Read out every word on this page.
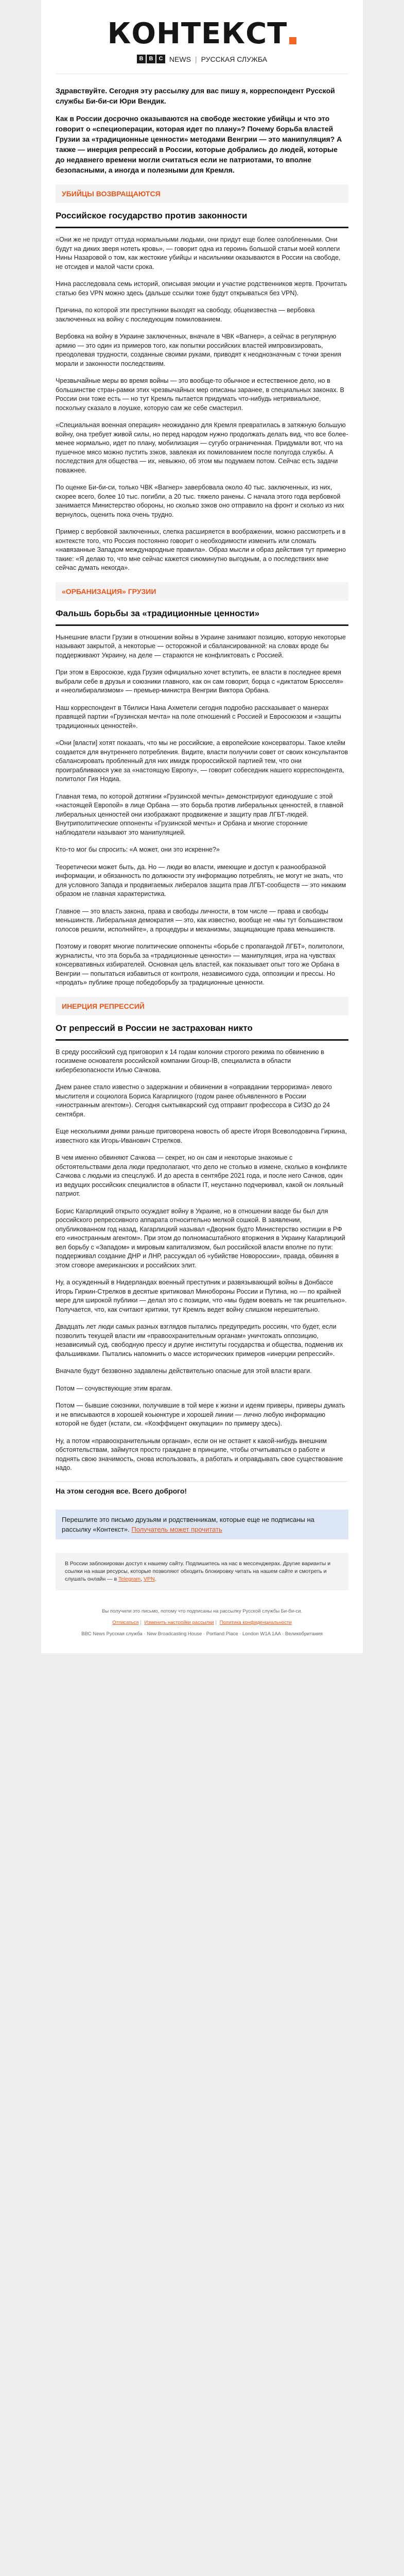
КОНТЕКСТ
B	B	C NEWS | РУССКАЯ СЛУЖБА

Здравствуйте. Сегодня эту рассылку для вас пишу я, корреспондент Русской службы Би-би-си Юри Вендик.

Как в России досрочно оказываются на свободе жестокие убийцы и что это говорит о «специоперации, которая идет по плану»? Почему борьба властей Грузии за «традиционные ценности» методами Венгрии — это манипуляция? А также — инерция репрессий в России, которые добрались до людей, которые до недавнего времени могли считаться если не патриотами, то вполне безопасными, а иногда и полезными для Кремля.

УБИЙЦЫ ВОЗВРАЩАЮТСЯ
Российское государство против законности

«Они же не придут оттуда нормальными людьми, они придут еще более озлобленными. Они будут на диких зверя нотеть кровь», — говорит одна из героинь большой статьи моей коллеги Нины Назаровой о том, как жестокие убийцы и насильники оказываются в России на свободе, не отсидев и малой части срока.

Нина расследовала семь историй, описывая эмоции и участие родственников жертв. Прочитать статью без VPN можно здесь (дальше ссылки тоже будут открываться без VPN).

Причина, по которой эти преступники выходят на свободу, общеизвестна — вербовка заключенных на войну с последующим помилованием.

Вербовка на войну в Украине заключенных, вначале в ЧВК «Вагнер», а сейчас в регулярную армию — это один из примеров того, как попытки российских властей импровизировать, преодолевая трудности, созданные своими руками, приводят к неоднозначным с точки зрения морали и законности последствиям.

Чрезвычайные меры во время войны — это вообще-то обычное и естественное дело, но в большинстве стран-рамки этих чрезвычайных мер описаны заранее, в специальных законах. В России они тоже есть — но тут Кремль пытается придумать что-нибудь нетривиальное, поскольку сказало в лоушке, которую сам же себе смастерил.

«Специальная военная операция» неожиданно для Кремля превратилась в затяжную большую войну, она требует живой силы, но перед народом нужно продолжать делать вид, что все более-менее нормально, идет по плану, мобилизация — сугубо ограниченная. Придумали вот, что на пушечное мясо можно пустить зэков, завлекая их помилованием после полугода службы. А последствия для общества — их, невыжно, об этом мы подумаем потом. Сейчас есть задачи поважнее.

По оценке Би-би-си, только ЧВК «Вагнер» завербовала около 40 тыс. заключенных, из них, скорее всего, более 10 тыс. погибли, а 20 тыс. тяжело ранены. С начала этого года вербовкой занимается Министерство обороны, но сколько зэков оно отправило на фронт и сколько из них вернулось, оценить пока очень трудно.

Пример с вербовкой заключенных, слепка расширяется в воображении, можно рассмотреть и в контексте того, что Россия постоянно говорит о необходимости изменить или сломать «навязанные Западом международные правила». Образ мысли и образ действия тут примерно такие: «Я делаю то, что мне сейчас кажется сиюминутно выгодным, а о последствиях мне сейчас думать некогда».

«ОРБАНИЗАЦИЯ» ГРУЗИИ
Фальшь борьбы за «традиционные ценности»

Нынешние власти Грузии в отношении войны в Украине занимают позицию, которую некоторые называют закрытой, а некоторые — осторожной и сбалансированной: на словах вроде бы поддерживают Украину, на деле — стараются не конфликтовать с Россией.

При этом в Евросоюзе, куда Грузия официально хочет вступить, ее власти в последнее время выбрали себе в друзья и союзники главного, как он сам говорит, борца с «диктатом Брюсселя» и «неолибирализмом» — премьер-министра Венгрии Виктора Орбана.

Наш корреспондент в Тбилиси Нана Ахметели сегодня подробно рассказывает о манерах правящей партии «Грузинская мечта» на поле отношений с Россией и Евросоюзом и «защиты традиционных ценностей».

«Они [власти] хотят показать, что мы не российские, а европейские консерваторы. Такое клейм создается для внутреннего потребления. Видите, власти получили совет от своих консультантов сбалансировать пробленный для них имидж пророссийской партией тем, что они проиграбливаюся уже за «настоящую Европу», — говорит собеседник нашего корреспондента, политолог Гия Нодиа.

Главная тема, по которой дотягини «Грузинской мечты» демонстрируют единодушие с этой «настоящей Европой» в лице Орбана — это борьба против либеральных ценностей, в главной либеральных ценностей они изображают продвижение и защиту прав ЛГБТ-людей. Внутриполитические оппоненты «Грузинской мечты» и Орбана и многие сторонние наблюдатели называют это манипуляцией.

Кто-то мог бы спросить: «А может, они это искренне?»

Теоретически может быть, да. Но — люди во власти, имеющие и доступ к разнообразной информации, и обязанность по должности эту информацию потреблять, не могут не знать, что для условного Запада и продвигаемых либералов защита прав ЛГБТ-сообществ — это никаким образом не главная характеристика.

Главное — это власть закона, права и свободы личности, в том числе — права и свободы меньшинств. Либеральная демократия — это, как известно, вообще не «мы тут большинством голосов решили, исполняйте», а процедуры и механизмы, защищающие права меньшинств.

Поэтому и говорят многие политические оппоненты «борьбе с пропагандой ЛГБТ», политологи, журналисты, что эта борьба за «традиционные ценности» — манипуляция, игра на чувствах консервативных избирателей. Основная цель властей, как показывает опыт того же Орбана в Венгрии — попытаться избавиться от контроля, независимого суда, оппозиции и прессы. Но «продать» публике проще победоборьбу за традиционные ценности.

ИНЕРЦИЯ РЕПРЕССИЙ
От репрессий в России не застрахован никто

В среду российский суд приговорил к 14 годам колонии строгого режима по обвинению в госизмене основателя российской компании Group-IB, специалиста в области кибербезопасности Илью Сачкова.

Днем ранее стало известно о задержании и обвинении в «оправдании терроризма» левого мыслителя и социолога Бориса Кагарлицкого (годом ранее объявленного в России «иностранным агентом»). Сегодня сыктывкарский суд отправит профессора в СИЗО до 24 сентября.

Еще несколькими днями раньше приговорена новость об аресте Игоря Всеволодовича Гиркина, известного как Игорь-Иванович Стрелков.

В чем именно обвиняют Сачкова — секрет, но он сам и некоторые знакомые с обстоятельствами дела люди предполагают, что дело не столько в измене, сколько в конфликте Сачкова с людьми из спецслужб. И до ареста в сентябре 2021 года, и после него Сачков, один из ведущих российских специалистов в области IT, неустанно подчеркивал, какой он лояльный патриот.

Борис Кагарлицкий открыто осуждает войну в Украине, но в отношении ваоде бы был для российского репрессивного аппарата относительно мелкой сошкой. В заявлении, опубликованном год назад, Кагарлицкий называл «Дворник будто Министерство юстиции в РФ его «иностранным агентом». При этом до полномасштабного вторжения в Украину Кагарлицкий вел борьбу с «Западом» и мировым капитализмом, был российской власти вполне по пути: поддерживал создание ДНР и ЛНР, рассуждал об «убийстве Новороссии», правда, обвиняя в этом сговоре американских и российских элит.

Ну, а осужденный в Нидерландах военный преступник и развязывающий войны в Донбассе Игорь Гиркин-Стрелков в десятые критиковал Минобороны России и Путина, но — по крайней мере для широкой публики — делал это с позиции, что «мы будем воевать не так решительно». Получается, что, как считают критики, тут Кремль ведет войну слишком нерешительно.

Двадцать лет люди самых разных взглядов пытались предупредить россиян, что будет, если позволить текущей власти им «правоохранительным органам» уничтожать оппозицию, независимый суд, свободную прессу и другие институты государства и общества, подменив их фальшивками. Пытались напомнить о массе исторических примеров «инерции репрессий».

Вначале будут беззвонно задавлены действительно опасные для этой власти враги.

Потом — сочувствующие этим врагам.

Потом — бывшие союзники, получившие в той мере к жизни и идеям приверы, приверы думать и не вписываются в хорошей коьюнктуре и хорошей линии — лично любую информацию которой не будет (кстати, см. «Коэффицент оккупации» по примеру здесь).

Ну, а потом «правоохранительным органам», если он не останет к какой-нибудь внешним обстоятельствам, займутся просто граждане в принципе, чтобы отчитываться о работе и поднять свою значимость, снова использовать, а работать и оправдывать свое существование надо.

На этом сегодня все. Всего доброго!
Перешлите это письмо друзьям и родственникам, которые еще не подписаны на рассылку «Контекст». Получатель может прочитать
В России заблокирован доступ к нашему сайту. Подпишитесь на нас в мессенджерах. Другие варианты и ссылки на наши ресурсы, которые позволяют обходить блокировку читать на нашем сайте и смотреть и слушать онлайн — в Telegram, VPN.
Вы получили это письмо, потому что подписаны на рассылку Русской службы Би-би-си.
Отписаться | Изменить настройки рассылки | Политика конфиденциальности
BBC News Русская служба · New Broadcasting House · Portland Place · London W1A 1AA · Великобритания
